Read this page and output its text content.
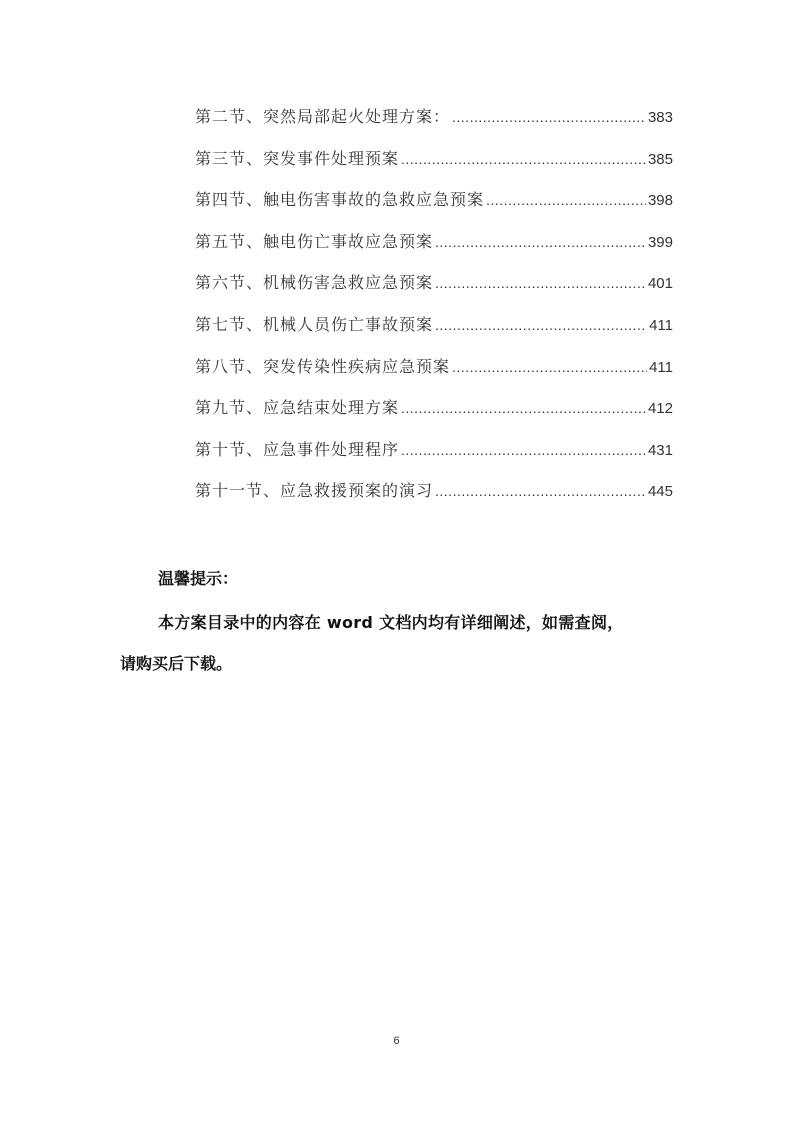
第二节、突然局部起火处理方案： .....	383
第三节、突发事件处理预案 .....	385
第四节、触电伤害事故的急救应急预案 .....	398
第五节、触电伤亡事故应急预案 .....	399
第六节、机械伤害急救应急预案 .....	401
第七节、机械人员伤亡事故预案 .....	411
第八节、突发传染性疾病应急预案 .....	411
第九节、应急结束处理方案 .....	412
第十节、应急事件处理程序 .....	431
第十一节、应急救援预案的演习 .....	445
温馨提示：
本方案目录中的内容在 word 文档内均有详细阐述，如需查阅，
请购买后下载。
6
